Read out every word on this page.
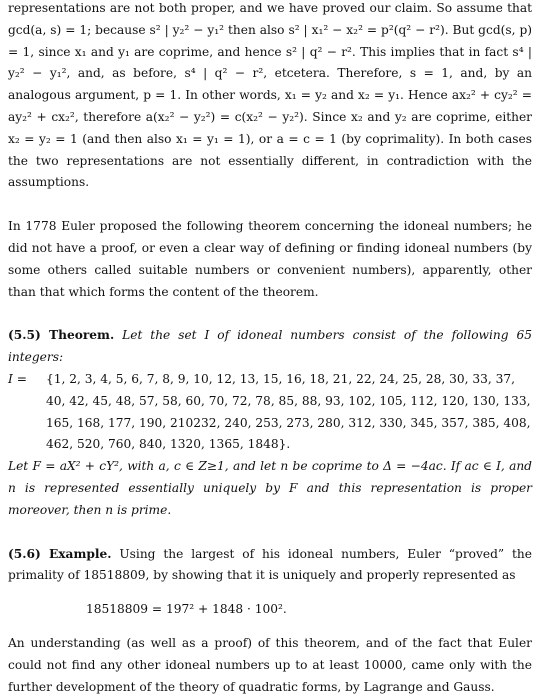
representations are not both proper, and we have proved our claim. So assume that gcd(a, s) = 1; because s² | y₂² − y₁² then also s² | x₁² − x₂² = p²(q² − r²). But gcd(s, p) = 1, since x₁ and y₁ are coprime, and hence s² | q² − r². This implies that in fact s⁴ | y₂² − y₁², and, as before, s⁴ | q² − r², etcetera. Therefore, s = 1, and, by an analogous argument, p = 1. In other words, x₁ = y₂ and x₂ = y₁. Hence ax₂² + cy₂² = ay₂² + cx₂², therefore a(x₂² − y₂²) = c(x₂² − y₂²). Since x₂ and y₂ are coprime, either x₂ = y₂ = 1 (and then also x₁ = y₁ = 1), or a = c = 1 (by coprimality). In both cases the two representations are not essentially different, in contradiction with the assumptions.

In 1778 Euler proposed the following theorem concerning the idoneal numbers; he did not have a proof, or even a clear way of defining or finding idoneal numbers (by some others called suitable numbers or convenient numbers), apparently, other than that which forms the content of the theorem.

(5.5) Theorem. Let the set I of idoneal numbers consist of the following 65 integers:

I =	{1, 2, 3, 4, 5, 6, 7, 8, 9, 10, 12, 13, 15, 16, 18, 21, 22, 24, 25, 28, 30, 33, 37, 40, 42, 45, 48, 57, 58, 60, 70, 72, 78, 85, 88, 93, 102, 105, 112, 120, 130, 133, 165, 168, 177, 190, 210232, 240, 253, 273, 280, 312, 330, 345, 357, 385, 408, 462, 520, 760, 840, 1320, 1365, 1848}.

Let F = aX² + cY², with a, c ∈ Z≥1, and let n be coprime to Δ = −4ac. If ac ∈ I, and n is represented essentially uniquely by F and this representation is proper moreover, then n is prime.

(5.6) Example. Using the largest of his idoneal numbers, Euler “proved” the primality of 18518809, by showing that it is uniquely and properly represented as

18518809 = 197² + 1848 · 100².

An understanding (as well as a proof) of this theorem, and of the fact that Euler could not find any other idoneal numbers up to at least 10000, came only with the further development of the theory of quadratic forms, by Lagrange and Gauss.
